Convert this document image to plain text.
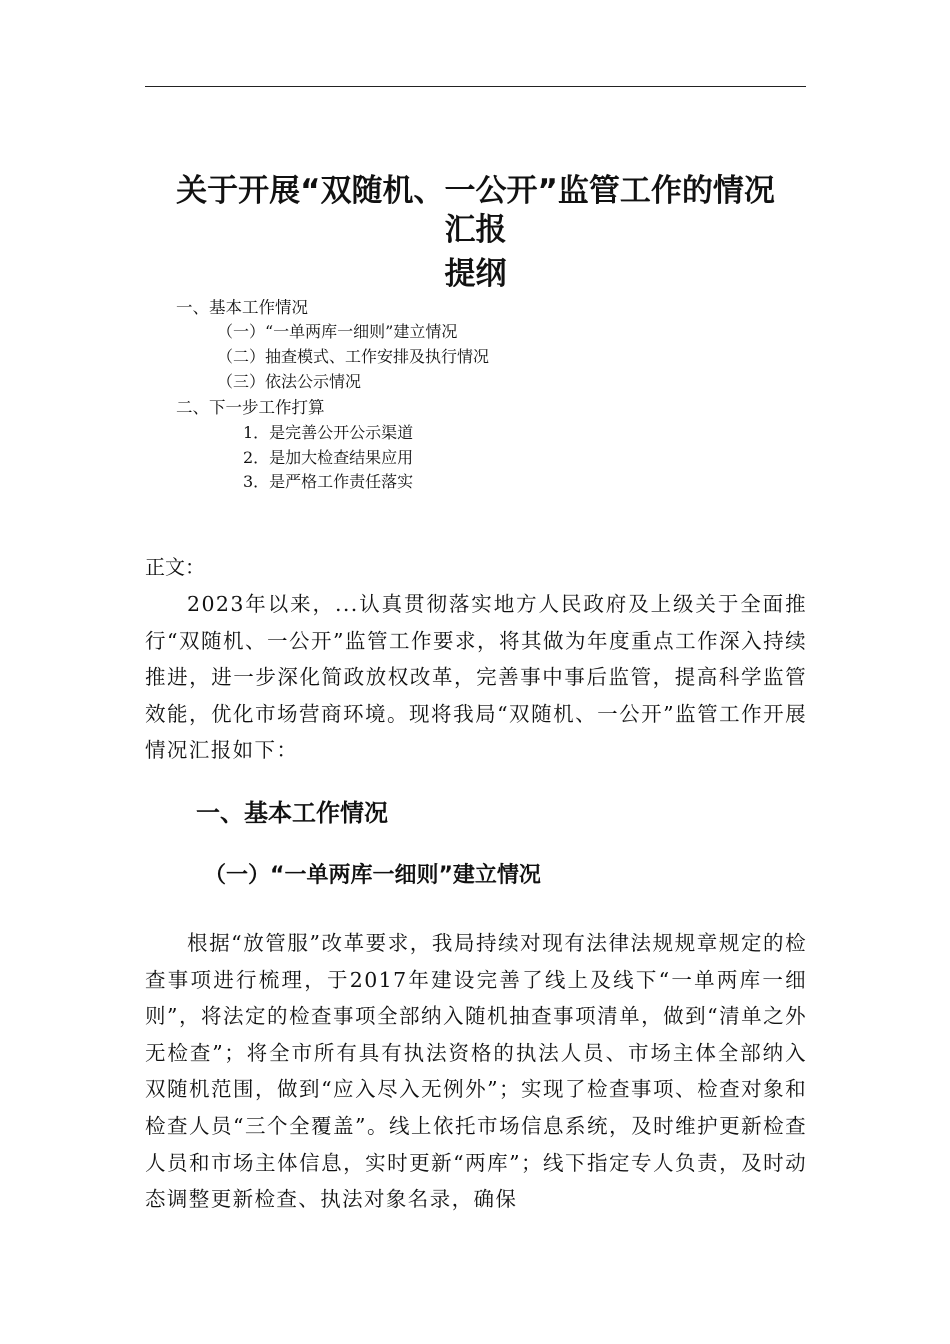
关于开展“双随机、一公开”监管工作的情况
汇报
提纲
一、基本工作情况
（一）“一单两库一细则”建立情况
（二）抽查模式、工作安排及执行情况
（三）依法公示情况
二、下一步工作打算
1．是完善公开公示渠道
2．是加大检查结果应用
3．是严格工作责任落实
正文：

2023年以来，...认真贯彻落实地方人民政府及上级关于全面推行“双随机、一公开”监管工作要求，将其做为年度重点工作深入持续推进，进一步深化简政放权改革，完善事中事后监管，提高科学监管效能，优化市场营商环境。现将我局“双随机、一公开”监管工作开展情况汇报如下：

一、基本工作情况
（一）“一单两库一细则”建立情况

根据“放管服”改革要求，我局持续对现有法律法规规章规定的检查事项进行梳理，于2017年建设完善了线上及线下“一单两库一细则”，将法定的检查事项全部纳入随机抽查事项清单，做到“清单之外无检查”；将全市所有具有执法资格的执法人员、市场主体全部纳入双随机范围，做到“应入尽入无例外”；实现了检查事项、检查对象和检查人员“三个全覆盖”。线上依托市场信息系统，及时维护更新检查人员和市场主体信息，实时更新“两库”；线下指定专人负责，及时动态调整更新检查、执法对象名录，确保
